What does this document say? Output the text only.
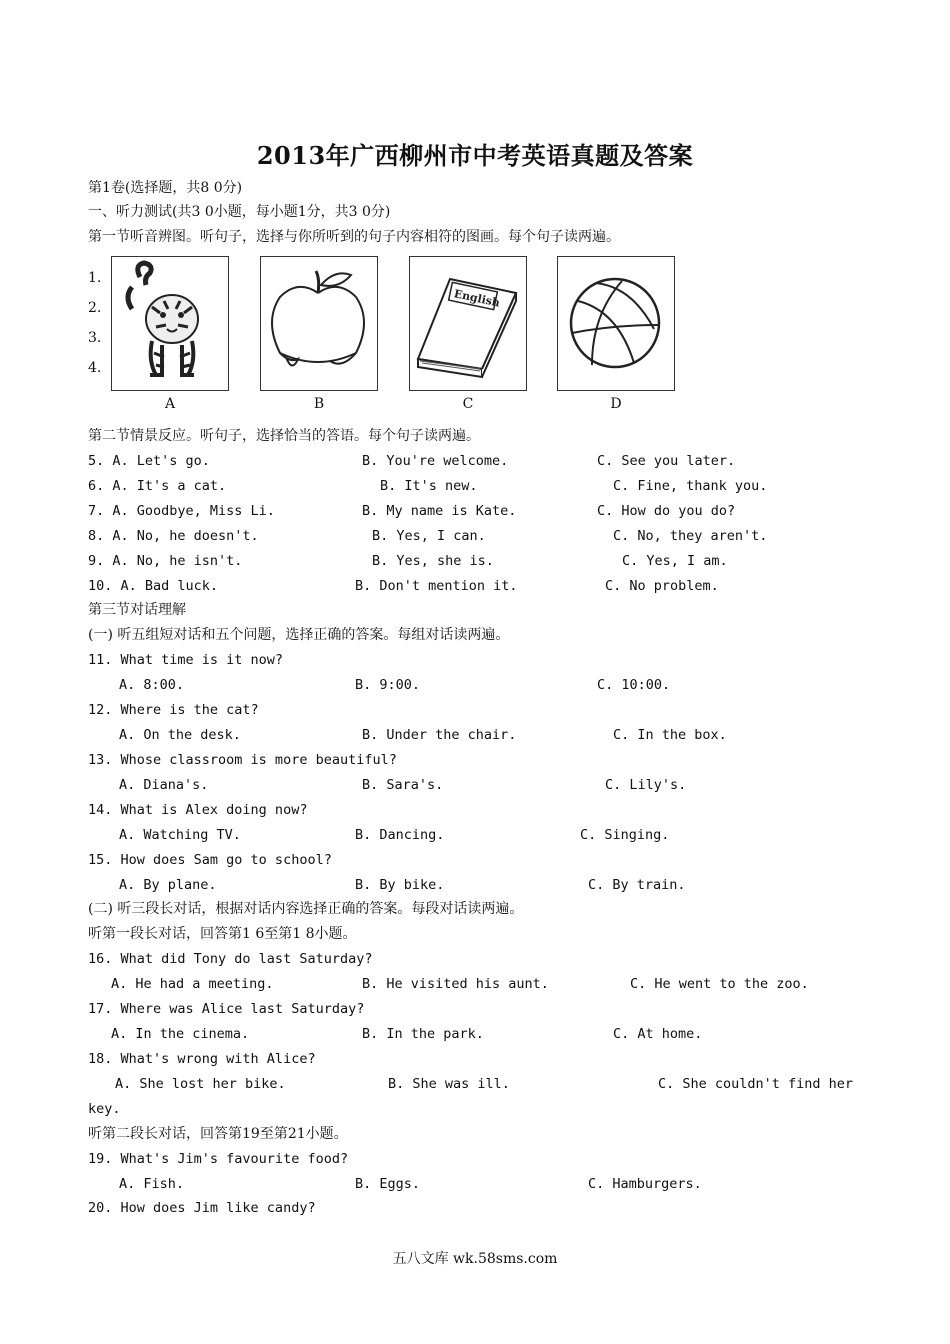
2013年广西柳州市中考英语真题及答案
第1卷(选择题，共8 0分)
一、听力测试(共3 0小题，每小题1分，共3 0分)
第一节听音辨图。听句子，选择与你所听到的句子内容相符的图画。每个句子读两遍。
1.
2.
3.
4.
English
A	B	C	D
第二节情景反应。听句子，选择恰当的答语。每个句子读两遍。
5. A. Let's go.	B. You're welcome.	C. See you later.
6. A. It's a cat.	B. It's new.	C. Fine, thank you.
7. A. Goodbye, Miss Li.	B. My name is Kate.	C. How do you do?
8. A. No, he doesn't.	B. Yes, I can.	C. No, they aren't.
9. A. No, he isn't.	B. Yes, she is.	C. Yes, I am.
10. A. Bad luck.	B. Don't mention it.	C. No problem.
第三节对话理解
(一) 听五组短对话和五个问题，选择正确的答案。每组对话读两遍。
11. What time is it now?
A. 8:00.	B. 9:00.	C. 10:00.
12. Where is the cat?
A. On the desk.	B. Under the chair.	C. In the box.
13. Whose classroom is more beautiful?
A. Diana's.	B. Sara's.	C. Lily's.
14. What is Alex doing now?
A. Watching TV.	B. Dancing.	C. Singing.
15. How does Sam go to school?
A. By plane.	B. By bike.	C. By train.
(二) 听三段长对话，根据对话内容选择正确的答案。每段对话读两遍。
听第一段长对话，回答第1 6至第1 8小题。
16. What did Tony do last Saturday?
A. He had a meeting.	B. He visited his aunt.	C. He went to the zoo.
17. Where was Alice last Saturday?
A. In the cinema.	B. In the park.	C. At home.
18. What's wrong with Alice?
A. She lost her bike.	B. She was ill.	C. She couldn't find her
key.
听第二段长对话，回答第19至第21小题。
19. What's Jim's favourite food?
A. Fish.	B. Eggs.	C. Hamburgers.
20. How does Jim like candy?
五八文库 wk.58sms.com
